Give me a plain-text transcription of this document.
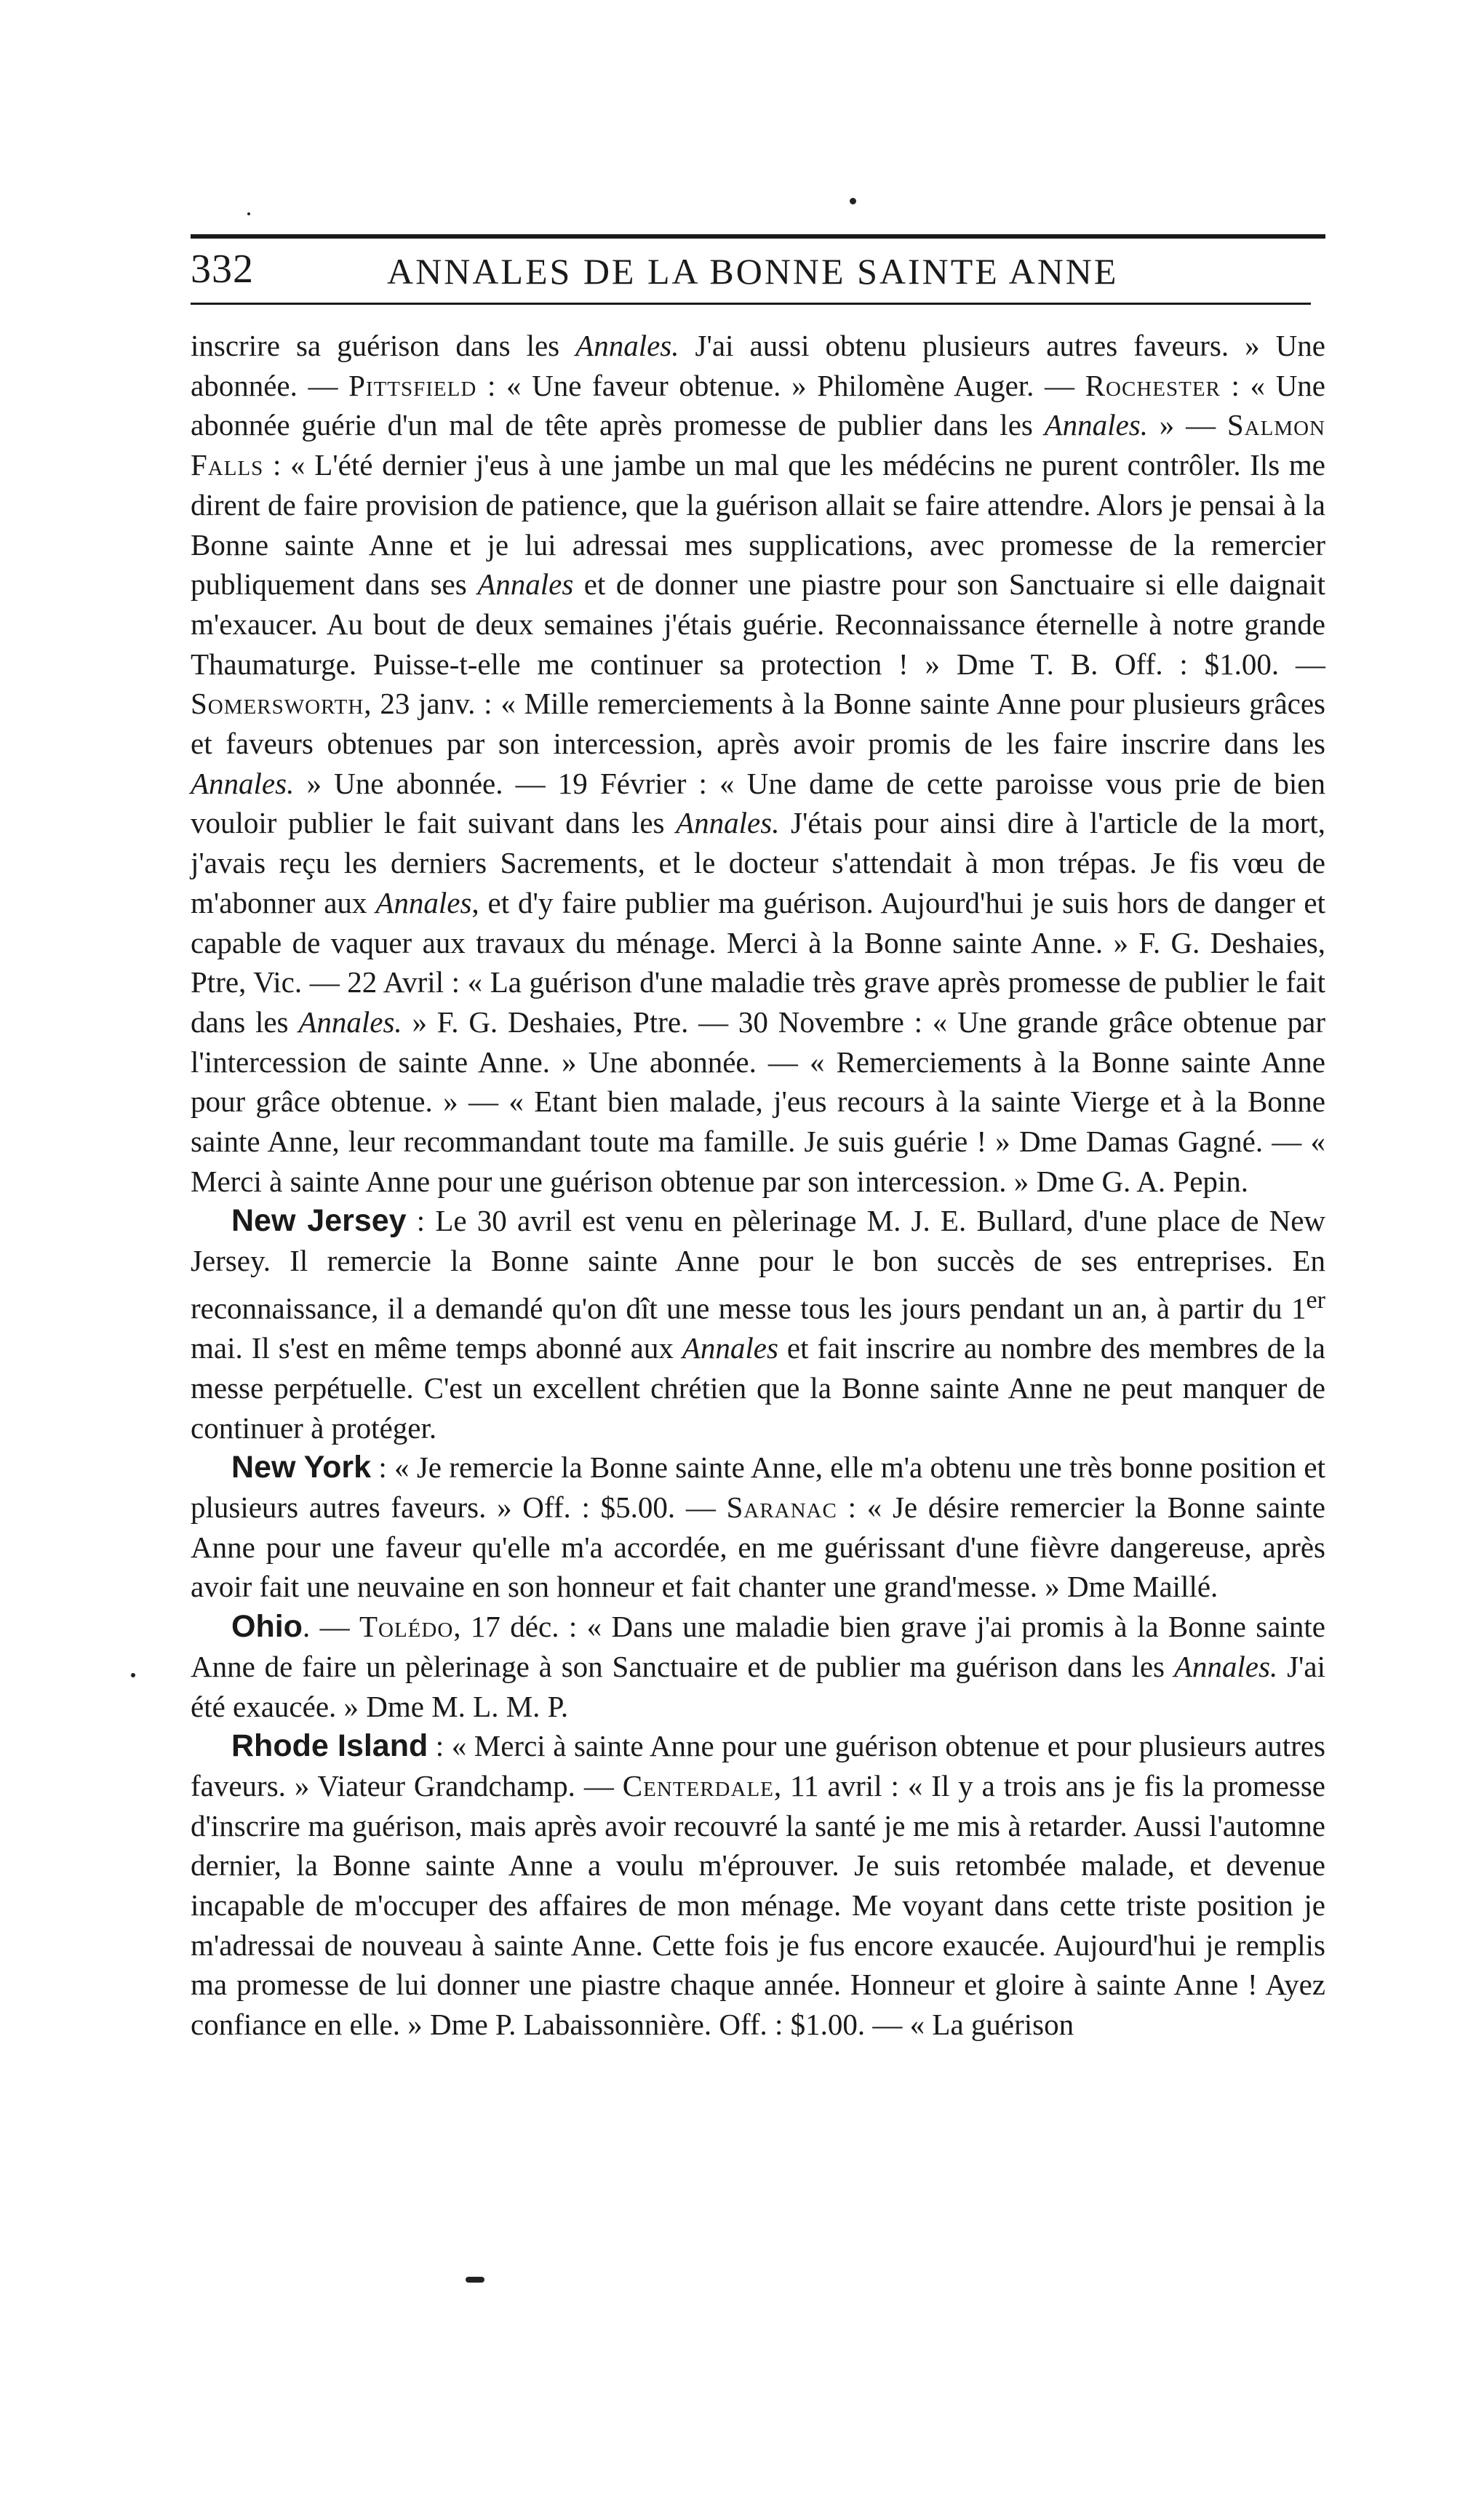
332	ANNALES DE LA BONNE SAINTE ANNE

inscrire sa guérison dans les Annales. J'ai aussi obtenu plusieurs autres faveurs. » Une abonnée. — Pittsfield : « Une faveur obtenue. » Philomène Auger. — Rochester : « Une abonnée guérie d'un mal de tête après promesse de publier dans les Annales. » — Salmon Falls : « L'été dernier j'eus à une jambe un mal que les médécins ne purent contrôler. Ils me dirent de faire provision de patience, que la guérison allait se faire attendre. Alors je pensai à la Bonne sainte Anne et je lui adressai mes supplications, avec promesse de la remercier publiquement dans ses Annales et de donner une piastre pour son Sanctuaire si elle daignait m'exaucer. Au bout de deux semaines j'étais guérie. Reconnaissance éternelle à notre grande Thaumaturge. Puisse-t-elle me continuer sa protection ! » Dme T. B. Off. : $1.00. — Somersworth, 23 janv. : « Mille remerciements à la Bonne sainte Anne pour plusieurs grâces et faveurs obtenues par son intercession, après avoir promis de les faire inscrire dans les Annales. » Une abonnée. — 19 Février : « Une dame de cette paroisse vous prie de bien vouloir publier le fait suivant dans les Annales. J'étais pour ainsi dire à l'article de la mort, j'avais reçu les derniers Sacrements, et le docteur s'attendait à mon trépas. Je fis vœu de m'abonner aux Annales, et d'y faire publier ma guérison. Aujourd'hui je suis hors de danger et capable de vaquer aux travaux du ménage. Merci à la Bonne sainte Anne. » F. G. Deshaies, Ptre, Vic. — 22 Avril : « La guérison d'une maladie très grave après promesse de publier le fait dans les Annales. » F. G. Deshaies, Ptre. — 30 Novembre : « Une grande grâce obtenue par l'intercession de sainte Anne. » Une abonnée. — « Remerciements à la Bonne sainte Anne pour grâce obtenue. » — « Etant bien malade, j'eus recours à la sainte Vierge et à la Bonne sainte Anne, leur recommandant toute ma famille. Je suis guérie ! » Dme Damas Gagné. — « Merci à sainte Anne pour une guérison obtenue par son intercession. » Dme G. A. Pepin.

New Jersey : Le 30 avril est venu en pèlerinage M. J. E. Bullard, d'une place de New Jersey. Il remercie la Bonne sainte Anne pour le bon succès de ses entreprises. En reconnaissance, il a demandé qu'on dît une messe tous les jours pendant un an, à partir du 1er mai. Il s'est en même temps abonné aux Annales et fait inscrire au nombre des membres de la messe perpétuelle. C'est un excellent chrétien que la Bonne sainte Anne ne peut manquer de continuer à protéger.

New York : « Je remercie la Bonne sainte Anne, elle m'a obtenu une très bonne position et plusieurs autres faveurs. » Off. : $5.00. — Saranac : « Je désire remercier la Bonne sainte Anne pour une faveur qu'elle m'a accordée, en me guérissant d'une fièvre dangereuse, après avoir fait une neuvaine en son honneur et fait chanter une grand'messe. » Dme Maillé.

Ohio. — Tolédo, 17 déc. : « Dans une maladie bien grave j'ai promis à la Bonne sainte Anne de faire un pèlerinage à son Sanctuaire et de publier ma guérison dans les Annales. J'ai été exaucée. » Dme M. L. M. P.

Rhode Island : « Merci à sainte Anne pour une guérison obtenue et pour plusieurs autres faveurs. » Viateur Grandchamp. — Centerdale, 11 avril : « Il y a trois ans je fis la promesse d'inscrire ma guérison, mais après avoir recouvré la santé je me mis à retarder. Aussi l'automne dernier, la Bonne sainte Anne a voulu m'éprouver. Je suis retombée malade, et devenue incapable de m'occuper des affaires de mon ménage. Me voyant dans cette triste position je m'adressai de nouveau à sainte Anne. Cette fois je fus encore exaucée. Aujourd'hui je remplis ma promesse de lui donner une piastre chaque année. Honneur et gloire à sainte Anne ! Ayez confiance en elle. » Dme P. Labaissonnière. Off. : $1.00. — « La guérison
